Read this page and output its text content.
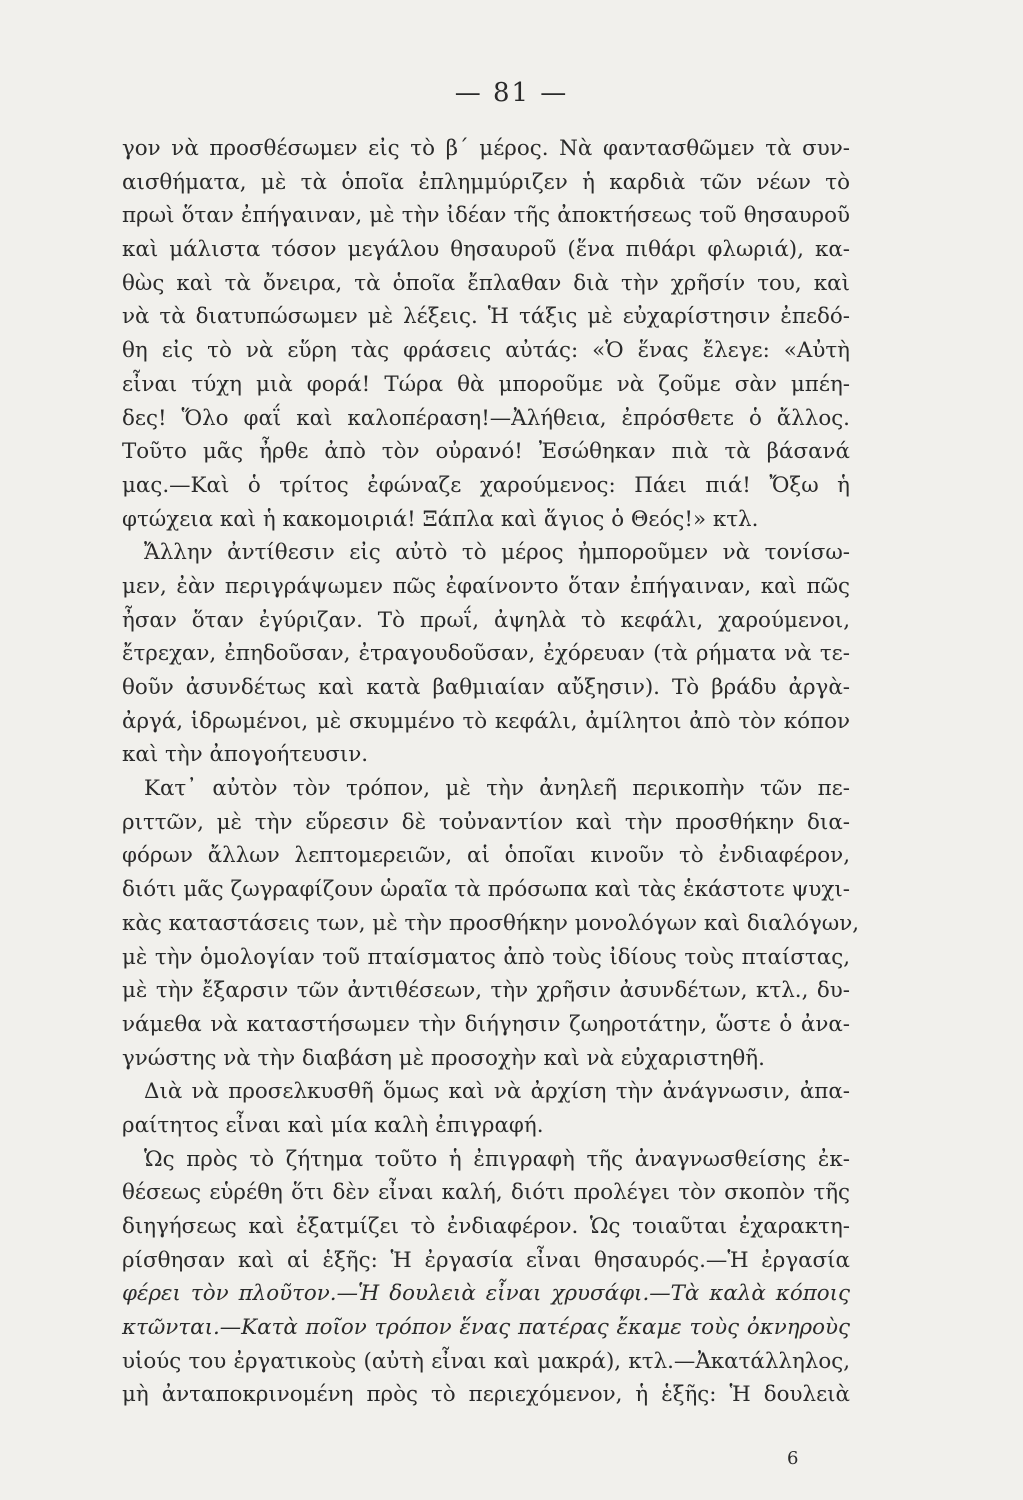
— 81 —
γον νὰ προσθέσωμεν εἰς τὸ β΄ μέρος. Νὰ φαντασθῶμεν τὰ συν-
αισθήματα, μὲ τὰ ὁποῖα ἐπλημμύριζεν ἡ καρδιὰ τῶν νέων τὸ
πρωὶ ὅταν ἐπήγαιναν, μὲ τὴν ἰδέαν τῆς ἀποκτήσεως τοῦ θησαυροῦ
καὶ μάλιστα τόσον μεγάλου θησαυροῦ (ἕνα πιθάρι φλωριά), κα-
θὼς καὶ τὰ ὄνειρα, τὰ ὁποῖα ἔπλαθαν διὰ τὴν χρῆσίν του, καὶ
νὰ τὰ διατυπώσωμεν μὲ λέξεις. Ἡ τάξις μὲ εὐχαρίστησιν ἐπεδό-
θη εἰς τὸ νὰ εὕρη τὰς φράσεις αὐτάς: «Ὁ ἕνας ἔλεγε: «Αὐτὴ
εἶναι τύχη μιὰ φορά! Τώρα θὰ μποροῦμε νὰ ζοῦμε σὰν μπέη-
δες! Ὅλο φαΐ καὶ καλοπέραση!—Ἀλήθεια, ἐπρόσθετε ὁ ἄλλος.
Τοῦτο μᾶς ἦρθε ἀπὸ τὸν οὐρανό! Ἐσώθηκαν πιὰ τὰ βάσανά
μας.—Καὶ ὁ τρίτος ἐφώναζε χαρούμενος: Πάει πιά! Ὄξω ἡ
φτώχεια καὶ ἡ κακομοιριά! Ξάπλα καὶ ἅγιος ὁ Θεός!» κτλ.
Ἄλλην ἀντίθεσιν εἰς αὐτὸ τὸ μέρος ἠμποροῦμεν νὰ τονίσω-
μεν, ἐὰν περιγράψωμεν πῶς ἐφαίνοντο ὅταν ἐπήγαιναν, καὶ πῶς
ἦσαν ὅταν ἐγύριζαν. Τὸ πρωΐ, ἀψηλὰ τὸ κεφάλι, χαρούμενοι,
ἔτρεχαν, ἐπηδοῦσαν, ἐτραγουδοῦσαν, ἐχόρευαν (τὰ ρήματα νὰ τε-
θοῦν ἀσυνδέτως καὶ κατὰ βαθμιαίαν αὔξησιν). Τὸ βράδυ ἀργὰ-
ἀργά, ἱδρωμένοι, μὲ σκυμμένο τὸ κεφάλι, ἀμίλητοι ἀπὸ τὸν κόπον
καὶ τὴν ἀπογοήτευσιν.
Κατ᾽ αὐτὸν τὸν τρόπον, μὲ τὴν ἀνηλεῆ περικοπὴν τῶν πε-
ριττῶν, μὲ τὴν εὕρεσιν δὲ τοὐναντίον καὶ τὴν προσθήκην δια-
φόρων ἄλλων λεπτομερειῶν, αἱ ὁποῖαι κινοῦν τὸ ἐνδιαφέρον,
διότι μᾶς ζωγραφίζουν ὡραῖα τὰ πρόσωπα καὶ τὰς ἑκάστοτε ψυχι-
κὰς καταστάσεις των, μὲ τὴν προσθήκην μονολόγων καὶ διαλόγων,
μὲ τὴν ὁμολογίαν τοῦ πταίσματος ἀπὸ τοὺς ἰδίους τοὺς πταίστας,
μὲ τὴν ἔξαρσιν τῶν ἀντιθέσεων, τὴν χρῆσιν ἀσυνδέτων, κτλ., δυ-
νάμεθα νὰ καταστήσωμεν τὴν διήγησιν ζωηροτάτην, ὥστε ὁ ἀνα-
γνώστης νὰ τὴν διαβάση μὲ προσοχὴν καὶ νὰ εὐχαριστηθῆ.
Διὰ νὰ προσελκυσθῆ ὅμως καὶ νὰ ἀρχίση τὴν ἀνάγνωσιν, ἀπα-
ραίτητος εἶναι καὶ μία καλὴ ἐπιγραφή.
Ὡς πρὸς τὸ ζήτημα τοῦτο ἡ ἐπιγραφὴ τῆς ἀναγνωσθείσης ἐκ-
θέσεως εὑρέθη ὅτι δὲν εἶναι καλή, διότι προλέγει τὸν σκοπὸν τῆς
διηγήσεως καὶ ἐξατμίζει τὸ ἐνδιαφέρον. Ὡς τοιαῦται ἐχαρακτη-
ρίσθησαν καὶ αἱ ἑξῆς: Ἡ ἐργασία εἶναι θησαυρός.—Ἡ ἐργασία
φέρει τὸν πλοῦτον.—Ἡ δουλειὰ εἶναι χρυσάφι.—Τὰ καλὰ κόποις
κτῶνται.—Κατὰ ποῖον τρόπον ἕνας πατέρας ἔκαμε τοὺς ὀκνηροὺς
υἱούς του ἐργατικοὺς (αὐτὴ εἶναι καὶ μακρά), κτλ.—Ἀκατάλληλος,
μὴ ἀνταποκρινομένη πρὸς τὸ περιεχόμενον, ἡ ἑξῆς: Ἡ δουλειὰ
6
